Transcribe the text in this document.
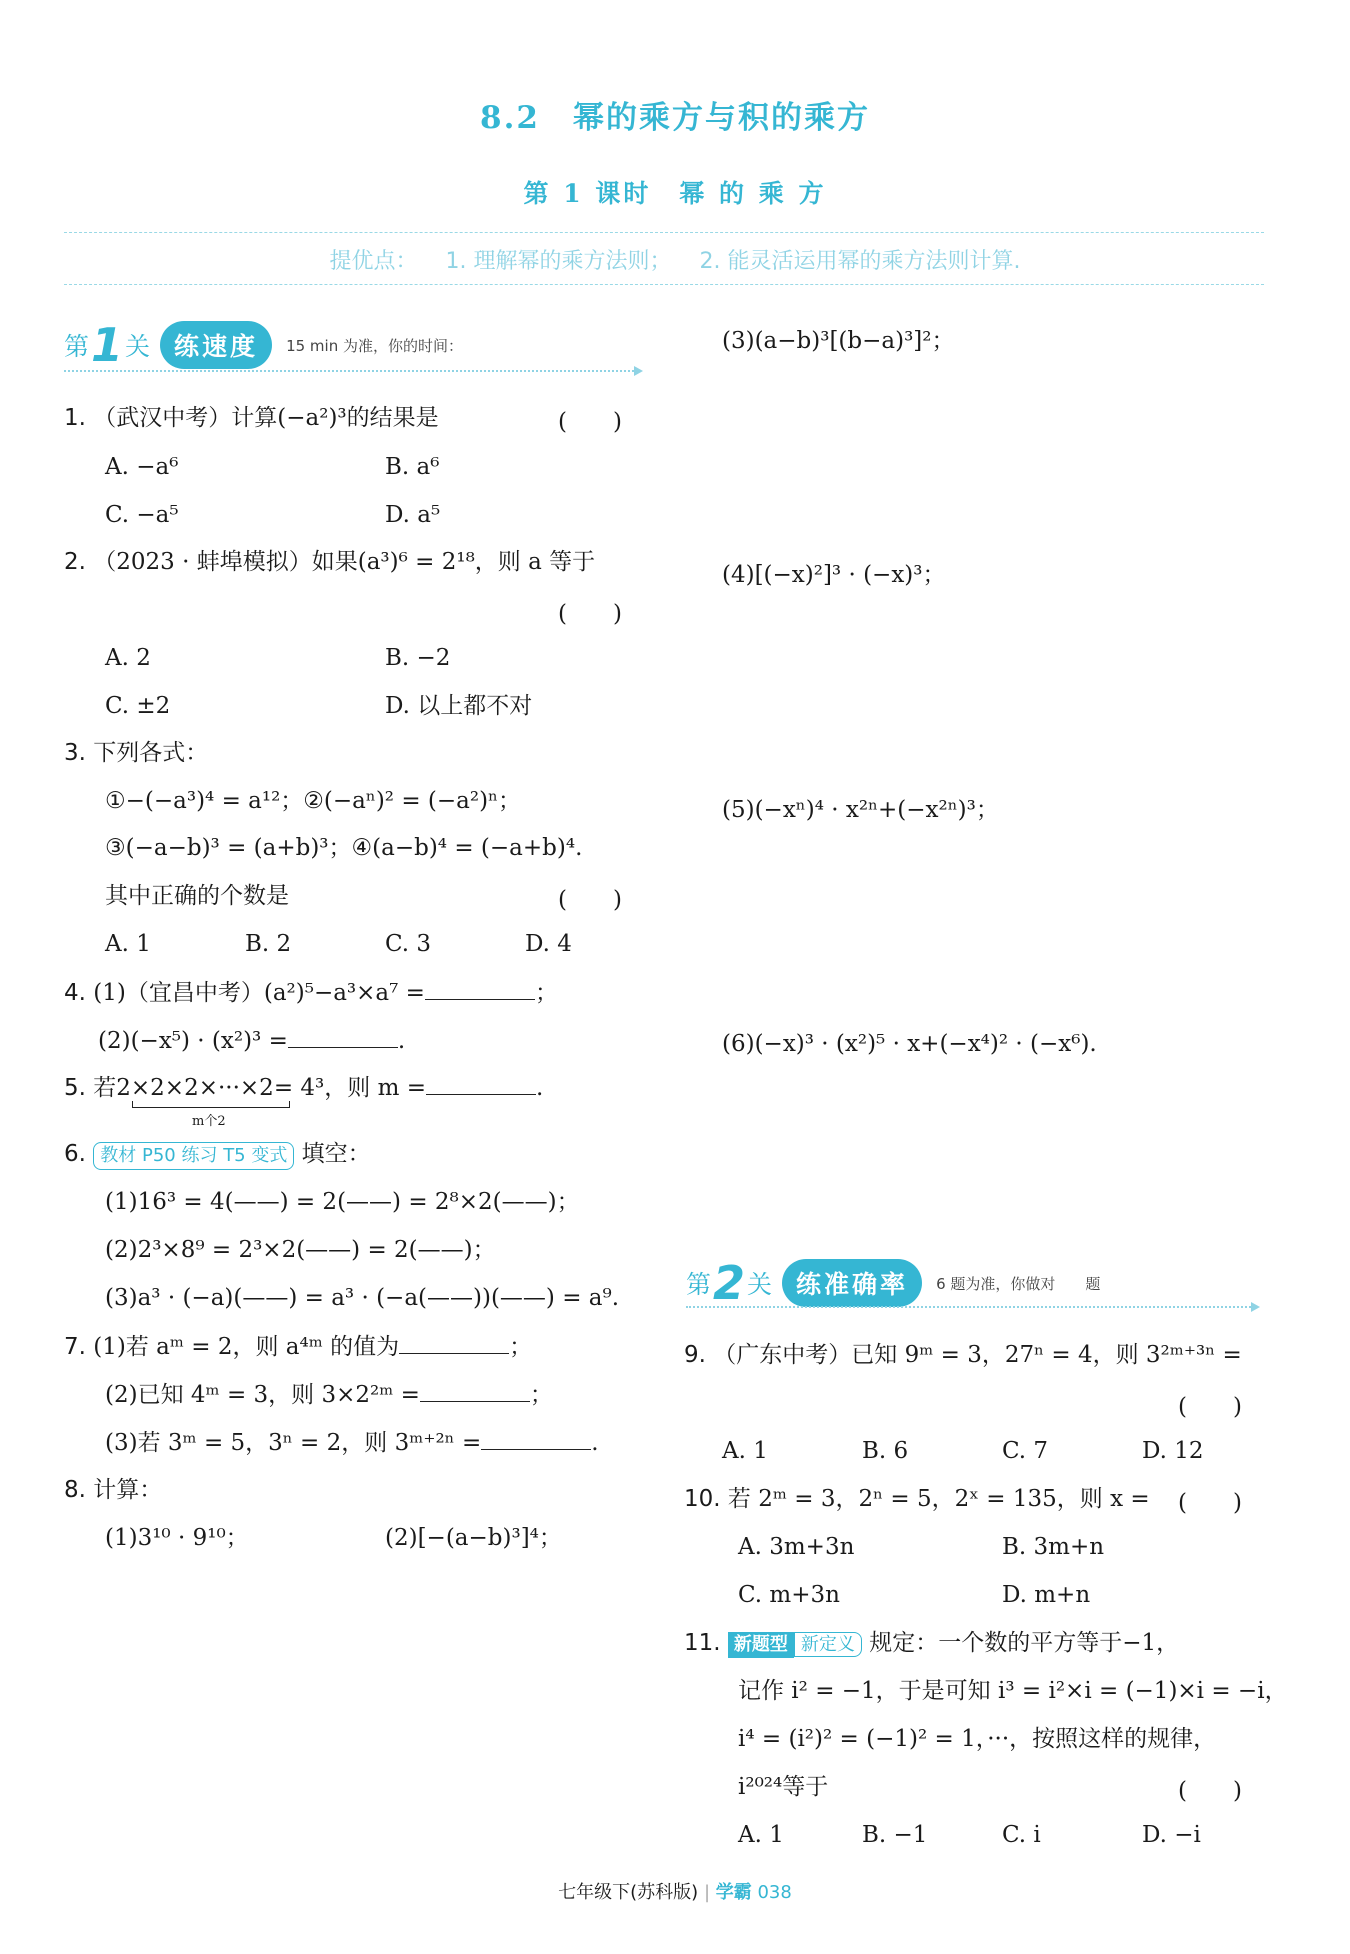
8.2　幂的乘方与积的乘方
第 1 课时　幂 的 乘 方
提优点： 1. 理解幂的乘方法则； 2. 能灵活运用幂的乘方法则计算.
第1关 练速度 15 min 为准，你的时间：
1. （武汉中考）计算(−a²)³的结果是	(　　)
A. −a⁶	B. a⁶
C. −a⁵	D. a⁵
2. （2023 · 蚌埠模拟）如果(a³)⁶ = 2¹⁸，则 a 等于
(　　)
A. 2	B. −2
C. ±2	D. 以上都不对
3. 下列各式：
①−(−a³)⁴ = a¹²；②(−aⁿ)² = (−a²)ⁿ；
③(−a−b)³ = (a+b)³；④(a−b)⁴ = (−a+b)⁴.
其中正确的个数是	(　　)
A. 1	B. 2	C. 3	D. 4
4. (1)（宜昌中考）(a²)⁵−a³×a⁷ =	；
(2)(−x⁵) · (x²)³ =	.
5. 若2×2×2×···×2= 4³，则 m =	.
m个2
6. 教材 P50 练习 T5 变式 填空：
(1)16³ = 4(——) = 2(——) = 2⁸×2(——)；
(2)2³×8⁹ = 2³×2(——) = 2(——)；
(3)a³ · (−a)(——) = a³ · (−a(——))(——) = a⁹.
7. (1)若 aᵐ = 2，则 a⁴ᵐ 的值为	；
(2)已知 4ᵐ = 3，则 3×2²ᵐ =	；
(3)若 3ᵐ = 5，3ⁿ = 2，则 3ᵐ⁺²ⁿ =	.
8. 计算：
(1)3¹⁰ · 9¹⁰；	(2)[−(a−b)³]⁴；
(3)(a−b)³[(b−a)³]²；
(4)[(−x)²]³ · (−x)³；
(5)(−xⁿ)⁴ · x²ⁿ+(−x²ⁿ)³；
(6)(−x)³ · (x²)⁵ · x+(−x⁴)² · (−x⁶).
第2关 练准确率 6 题为准，你做对　　题
9. （广东中考）已知 9ᵐ = 3，27ⁿ = 4，则 3²ᵐ⁺³ⁿ =
(　　)
A. 1	B. 6	C. 7	D. 12
10. 若 2ᵐ = 3，2ⁿ = 5，2ˣ = 135，则 x = (　　)
A. 3m+3n	B. 3m+n
C. m+3n	D. m+n
11. 新题型 新定义 规定：一个数的平方等于−1，
记作 i² = −1，于是可知 i³ = i²×i = (−1)×i = −i，
i⁴ = (i²)² = (−1)² = 1，···，按照这样的规律，
i²⁰²⁴等于	(　　)
A. 1	B. −1	C. i	D. −i
七年级下(苏科版) | 学霸 038
